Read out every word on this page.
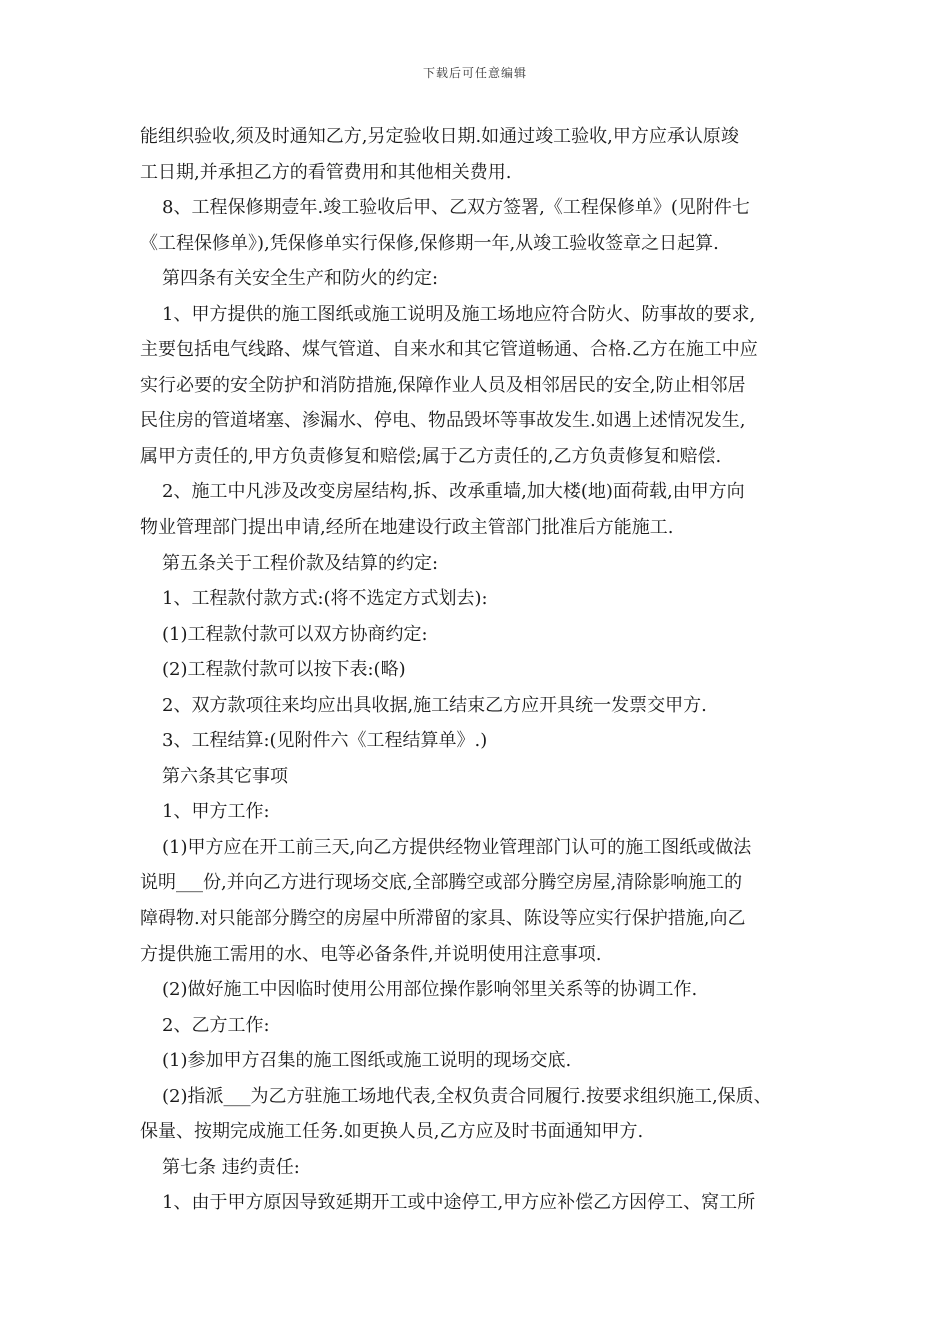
下载后可任意编辑
能组织验收,须及时通知乙方,另定验收日期.如通过竣工验收,甲方应承认原竣
工日期,并承担乙方的看管费用和其他相关费用.
8、工程保修期壹年.竣工验收后甲、乙双方签署,《工程保修单》(见附件七
《工程保修单》),凭保修单实行保修,保修期一年,从竣工验收签章之日起算.
第四条有关安全生产和防火的约定:
1、甲方提供的施工图纸或施工说明及施工场地应符合防火、防事故的要求,
主要包括电气线路、煤气管道、自来水和其它管道畅通、合格.乙方在施工中应
实行必要的安全防护和消防措施,保障作业人员及相邻居民的安全,防止相邻居
民住房的管道堵塞、渗漏水、停电、物品毁坏等事故发生.如遇上述情况发生,
属甲方责任的,甲方负责修复和赔偿;属于乙方责任的,乙方负责修复和赔偿.
2、施工中凡涉及改变房屋结构,拆、改承重墙,加大楼(地)面荷载,由甲方向
物业管理部门提出申请,经所在地建设行政主管部门批准后方能施工.
第五条关于工程价款及结算的约定:
1、工程款付款方式:(将不选定方式划去):
(1)工程款付款可以双方协商约定:
(2)工程款付款可以按下表:(略)
2、双方款项往来均应出具收据,施工结束乙方应开具统一发票交甲方.
3、工程结算:(见附件六《工程结算单》.)
第六条其它事项
1、甲方工作:
(1)甲方应在开工前三天,向乙方提供经物业管理部门认可的施工图纸或做法
说明___份,并向乙方进行现场交底,全部腾空或部分腾空房屋,清除影响施工的
障碍物.对只能部分腾空的房屋中所滞留的家具、陈设等应实行保护措施,向乙
方提供施工需用的水、电等必备条件,并说明使用注意事项.
(2)做好施工中因临时使用公用部位操作影响邻里关系等的协调工作.
2、乙方工作:
(1)参加甲方召集的施工图纸或施工说明的现场交底.
(2)指派___为乙方驻施工场地代表,全权负责合同履行.按要求组织施工,保质、
保量、按期完成施工任务.如更换人员,乙方应及时书面通知甲方.
第七条 违约责任:
1、由于甲方原因导致延期开工或中途停工,甲方应补偿乙方因停工、窝工所
